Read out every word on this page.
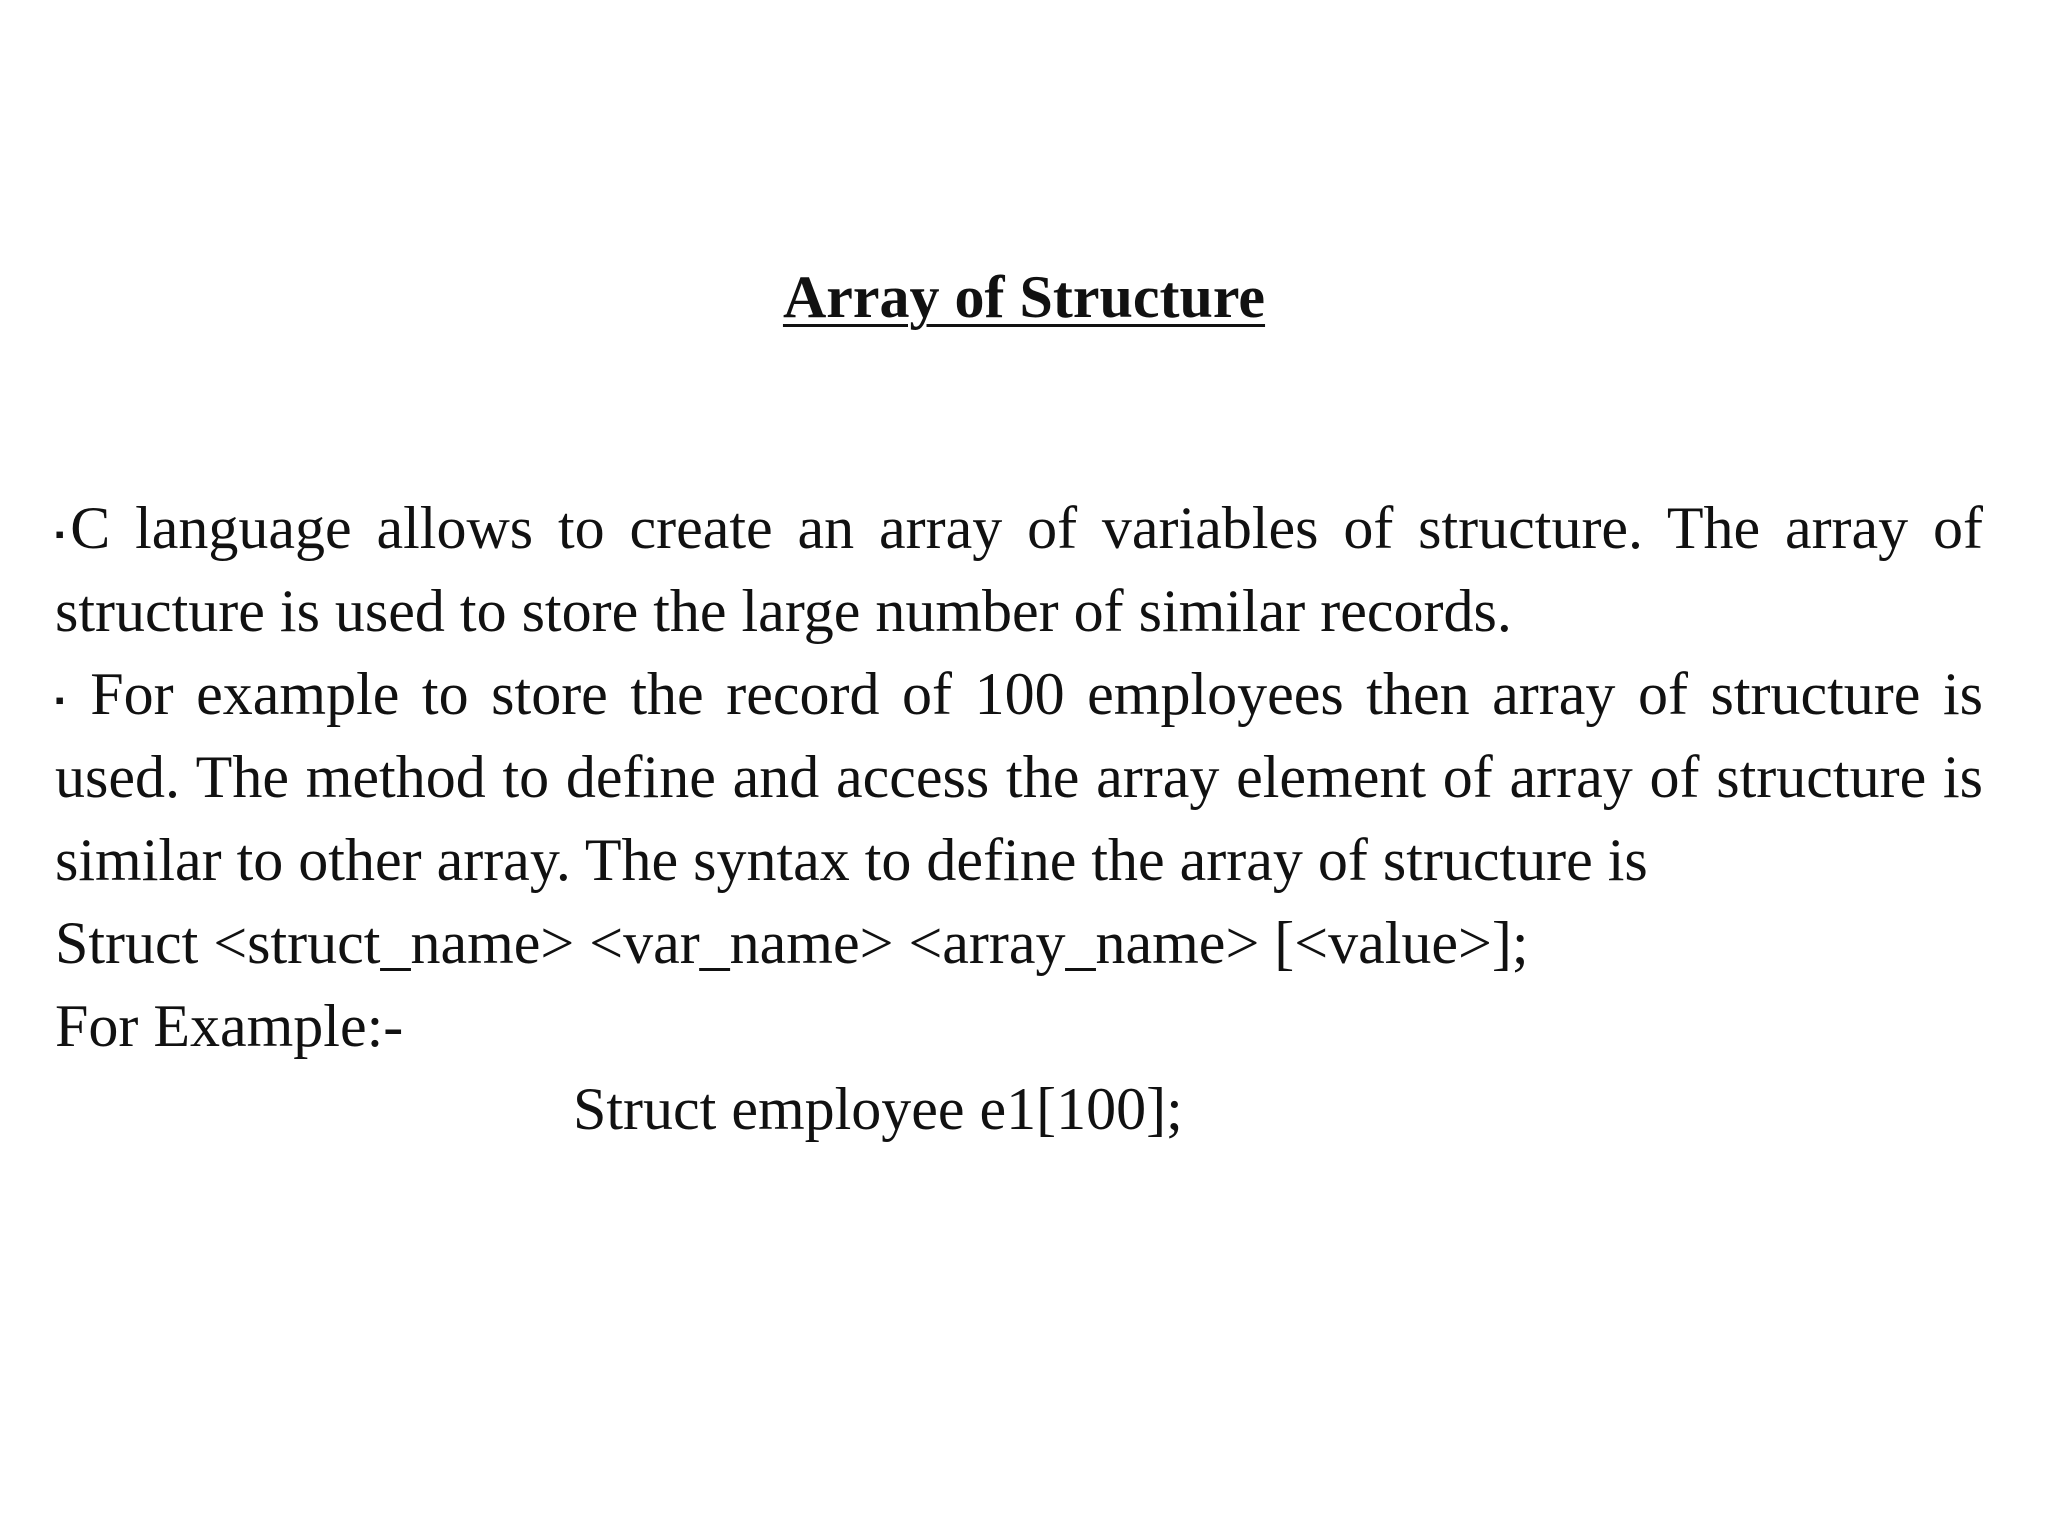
Array of Structure

▪ C language allows to create an array of variables of structure. The array of structure is used to store the large number of similar records.

▪ For example to store the record of 100 employees then array of structure is used. The method to define and access the array element of array of structure is similar to other array. The syntax to define the array of structure is

Struct <struct_name> <var_name> <array_name> [<value>];

For Example:-

Struct employee e1[100];
